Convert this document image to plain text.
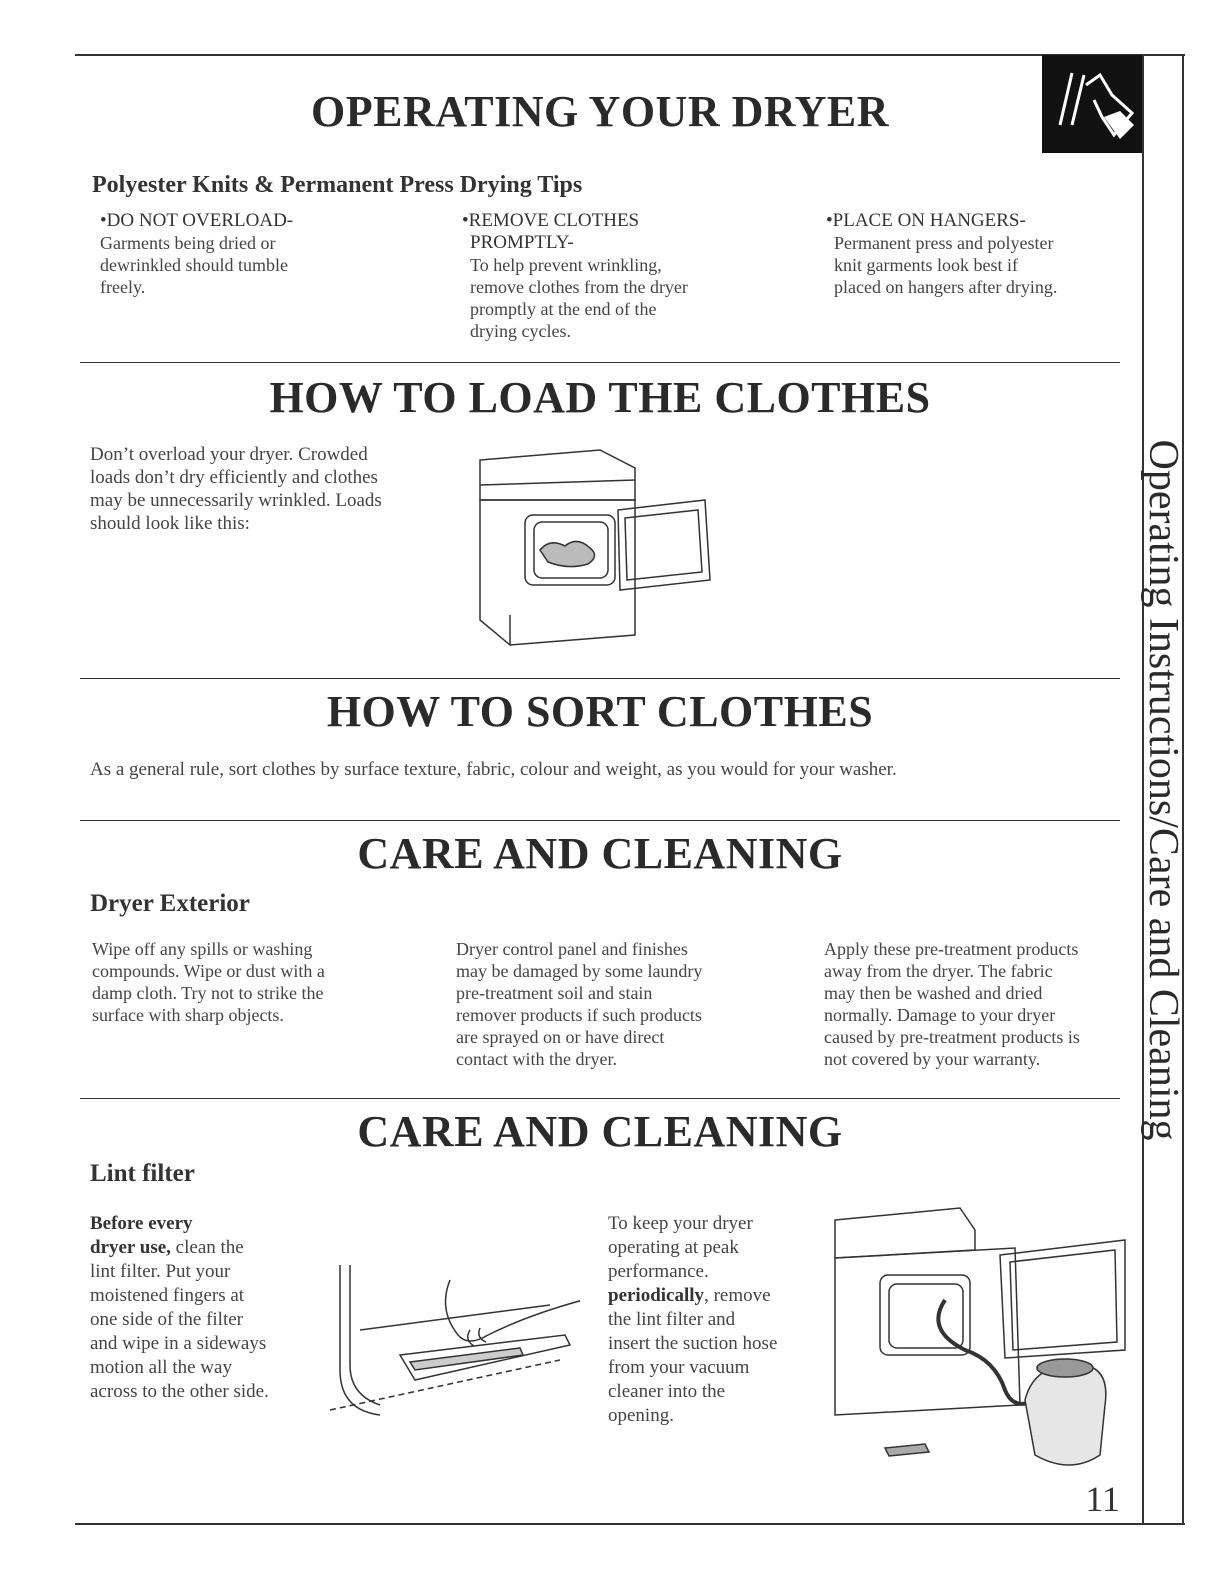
Operating Instructions/Care and Cleaning
OPERATING YOUR DRYER
Polyester Knits & Permanent Press Drying Tips
•DO NOT OVERLOAD-
Garments being dried or
dewrinkled should tumble
freely.
•REMOVE CLOTHES
PROMPTLY-
To help prevent wrinkling,
remove clothes from the dryer
promptly at the end of the
drying cycles.
•PLACE ON HANGERS-
Permanent press and polyester
knit garments look best if
placed on hangers after drying.
HOW TO LOAD THE CLOTHES
Don’t overload your dryer. Crowded
loads don’t dry efficiently and clothes
may be unnecessarily wrinkled. Loads
should look like this:
HOW TO SORT CLOTHES

As a general rule, sort clothes by surface texture, fabric, colour and weight, as you would for your washer.

CARE AND CLEANING
Dryer Exterior
Wipe off any spills or washing
compounds. Wipe or dust with a
damp cloth. Try not to strike the
surface with sharp objects.
Dryer control panel and finishes
may be damaged by some laundry
pre-treatment soil and stain
remover products if such products
are sprayed on or have direct
contact with the dryer.
Apply these pre-treatment products
away from the dryer. The fabric
may then be washed and dried
normally. Damage to your dryer
caused by pre-treatment products is
not covered by your warranty.
CARE AND CLEANING
Lint filter
Before every
dryer use, clean the
lint filter. Put your
moistened fingers at
one side of the filter
and wipe in a sideways
motion all the way
across to the other side.
To keep your dryer
operating at peak
performance.
periodically, remove
the lint filter and
insert the suction hose
from your vacuum
cleaner into the
opening.
11
